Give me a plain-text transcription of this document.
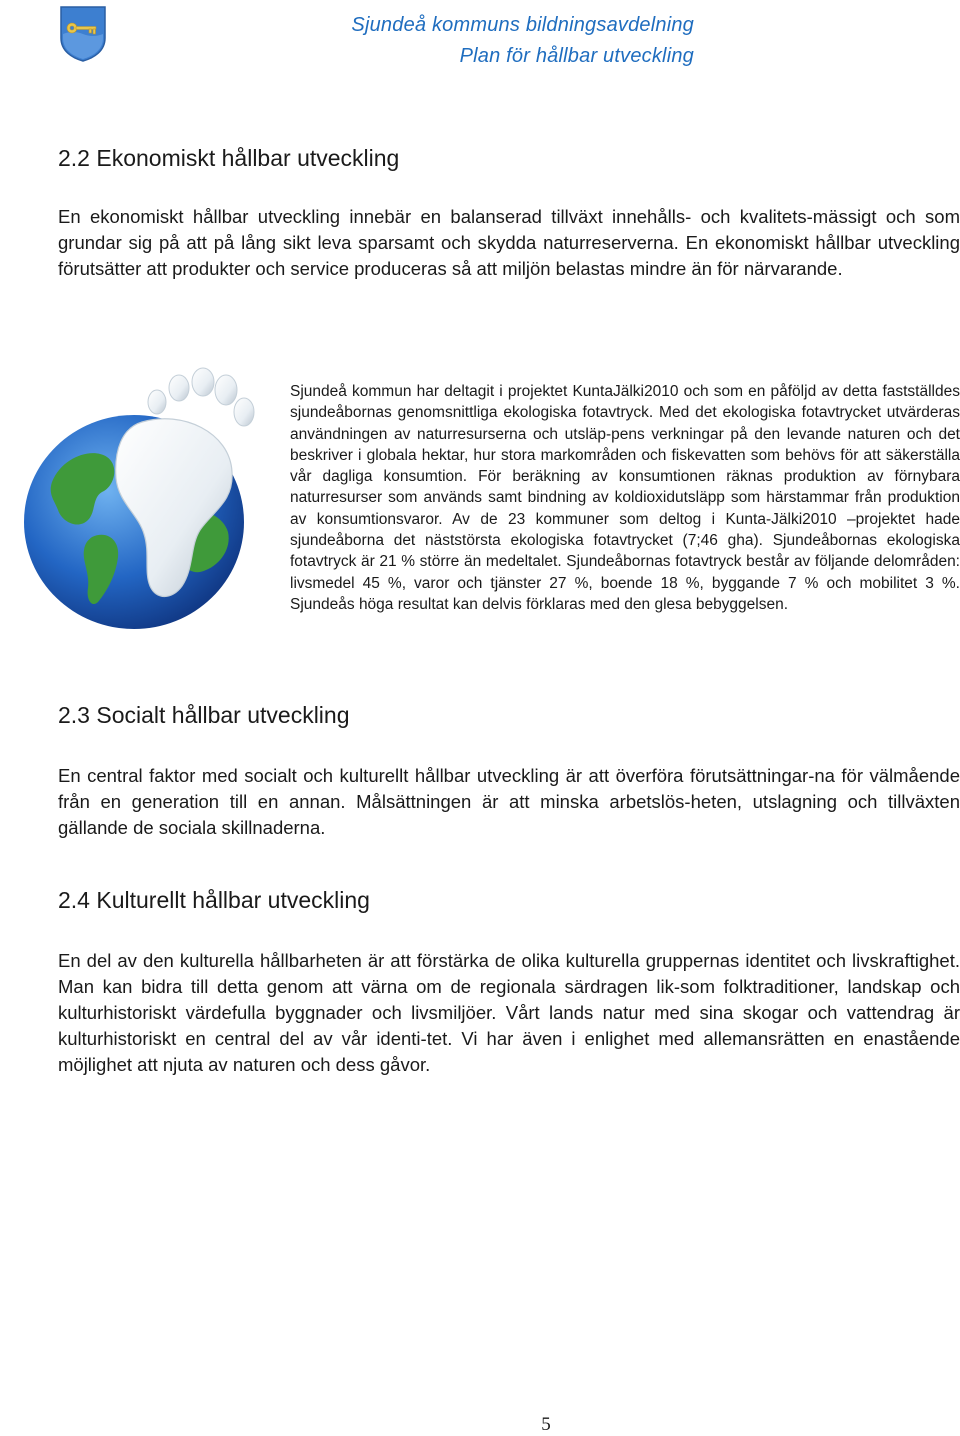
Sjundeå kommuns bildningsavdelning
Plan för hållbar utveckling
2.2 Ekonomiskt hållbar utveckling

En ekonomiskt hållbar utveckling innebär en balanserad tillväxt innehålls- och kvalitets-mässigt och som grundar sig på att på lång sikt leva sparsamt och skydda naturreserverna. En ekonomiskt hållbar utveckling förutsätter att produkter och service produceras så att miljön belastas mindre än för närvarande.

Sjundeå kommun har deltagit i projektet KuntaJälki2010 och som en påföljd av detta fastställdes sjundeåbornas genomsnittliga ekologiska fotavtryck. Med det ekologiska fotavtrycket utvärderas användningen av naturresurserna och utsläp-pens verkningar på den levande naturen och det beskriver i globala hektar, hur stora markområden och fiskevatten som behövs för att säkerställa vår dagliga konsumtion. För beräkning av konsumtionen räknas produktion av förnybara naturresurser som används samt bindning av koldioxidutsläpp som härstammar från produktion av konsumtionsvaror. Av de 23 kommuner som deltog i Kunta-Jälki2010 –projektet hade sjundeåborna det näststörsta ekologiska fotavtrycket (7;46 gha). Sjundeåbornas ekologiska fotavtryck är 21 % större än medeltalet. Sjundeåbornas fotavtryck består av följande delområden: livsmedel 45 %, varor och tjänster 27 %, boende 18 %, byggande 7 % och mobilitet 3 %. Sjundeås höga resultat kan delvis förklaras med den glesa bebyggelsen.

2.3 Socialt hållbar utveckling

En central faktor med socialt och kulturellt hållbar utveckling är att överföra förutsättningar-na för välmående från en generation till en annan. Målsättningen är att minska arbetslös-heten, utslagning och tillväxten gällande de sociala skillnaderna.

2.4 Kulturellt hållbar utveckling

En del av den kulturella hållbarheten är att förstärka de olika kulturella gruppernas identitet och livskraftighet. Man kan bidra till detta genom att värna om de regionala särdragen lik-som folktraditioner, landskap och kulturhistoriskt värdefulla byggnader och livsmiljöer. Vårt lands natur med sina skogar och vattendrag är kulturhistoriskt en central del av vår identi-tet. Vi har även i enlighet med allemansrätten en enastående möjlighet att njuta av naturen och dess gåvor.

5
